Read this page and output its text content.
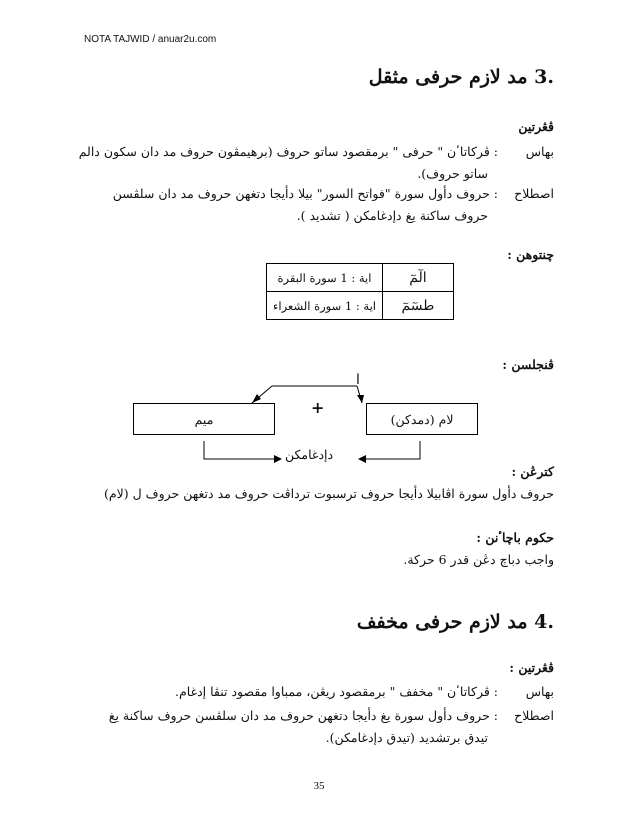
NOTA TAJWID / anuar2u.com
.3 مد لازم حرفى مثقل
ڤڠرتين
بهاس
: ڤركاتاٴن " حرفى " برمقصود ساتو حروف (برهيمڤون حروف مد دان سکون دالم
ساتو حروف).
اصطلاح
: حروف دأول سورة "فواتح السور" بيلا دأيجا دتغهن حروف مد دان سلڤسن
حروف ساكنة يغ دإدغامکن ( تشديد ).
چنتوهن :
اية : 1 سورة البقرة	الٓمٓ
اية : 1 سورة الشعراء	طسٓمٓ
ڤنجلسن :
ا
+
ميم	لام (دمدکن)
دإدغامکن
کترڠن :
حروف دأول سورة اڤابيلا دأيجا حروف ترسبوت ترداڤت حروف مد دتغهن حروف ل (لام)
حکوم باچاٴنن :
واجب دباچ دڠن قدر 6 حرکة.
.4 مد لازم حرفى مخفف
ڤڠرتين :
بهاس
: ڤركاتاٴن " مخفف " برمقصود ريڠن، ممباوا مقصود تنڤا إدغام.
اصطلاح
: حروف دأول سورة يغ دأيجا دتغهن حروف مد دان سلڤسن حروف ساكنة يغ
تيدق برتشديد (تيدق دإدغامکن).
35
